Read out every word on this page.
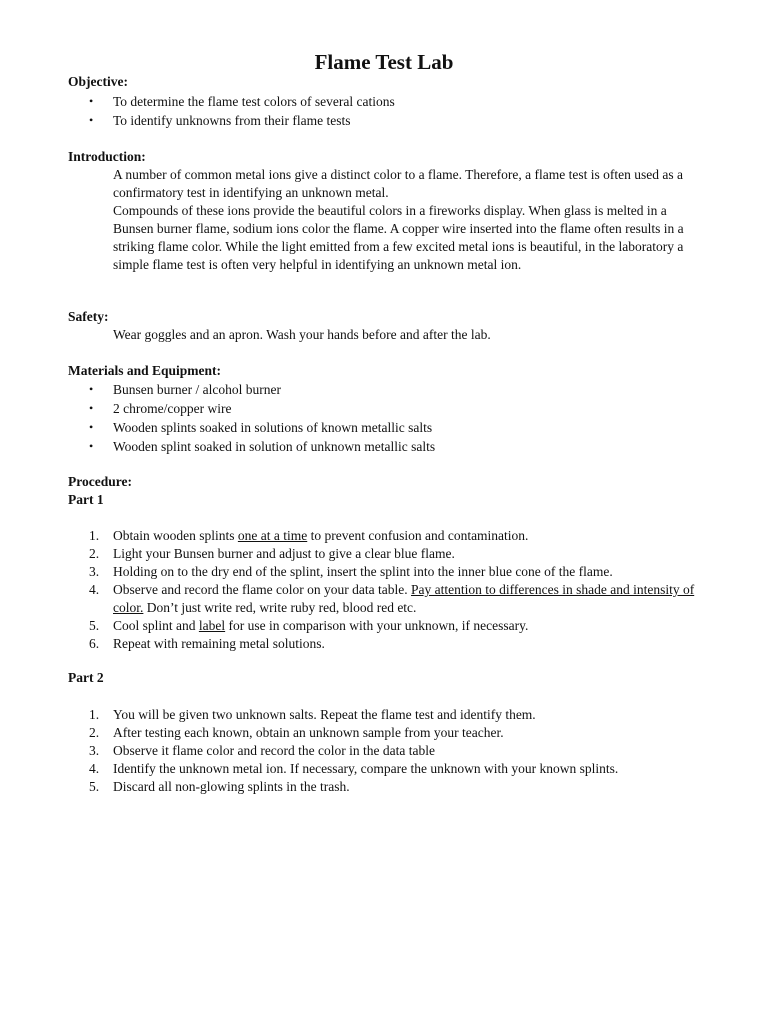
Flame Test Lab
Objective:
• To determine the flame test colors of several cations
• To identify unknowns from their flame tests
Introduction:

A number of common metal ions give a distinct color to a flame. Therefore, a flame test is often used as a confirmatory test in identifying an unknown metal.

Compounds of these ions provide the beautiful colors in a fireworks display. When glass is melted in a Bunsen burner flame, sodium ions color the flame. A copper wire inserted into the flame often results in a striking flame color. While the light emitted from a few excited metal ions is beautiful, in the laboratory a simple flame test is often very helpful in identifying an unknown metal ion.

Safety:
Wear goggles and an apron. Wash your hands before and after the lab.
Materials and Equipment:
• Bunsen burner / alcohol burner
• 2 chrome/copper wire
• Wooden splints soaked in solutions of known metallic salts
• Wooden splint soaked in solution of unknown metallic salts
Procedure:
Part 1
1. Obtain wooden splints one at a time to prevent confusion and contamination.
2. Light your Bunsen burner and adjust to give a clear blue flame.
3. Holding on to the dry end of the splint, insert the splint into the inner blue cone of the flame.
4. Observe and record the flame color on your data table. Pay attention to differences in shade and intensity of color. Don’t just write red, write ruby red, blood red etc.
5. Cool splint and label for use in comparison with your unknown, if necessary.
6. Repeat with remaining metal solutions.
Part 2
1. You will be given two unknown salts. Repeat the flame test and identify them.
2. After testing each known, obtain an unknown sample from your teacher.
3. Observe it flame color and record the color in the data table
4. Identify the unknown metal ion. If necessary, compare the unknown with your known splints.
5. Discard all non-glowing splints in the trash.
